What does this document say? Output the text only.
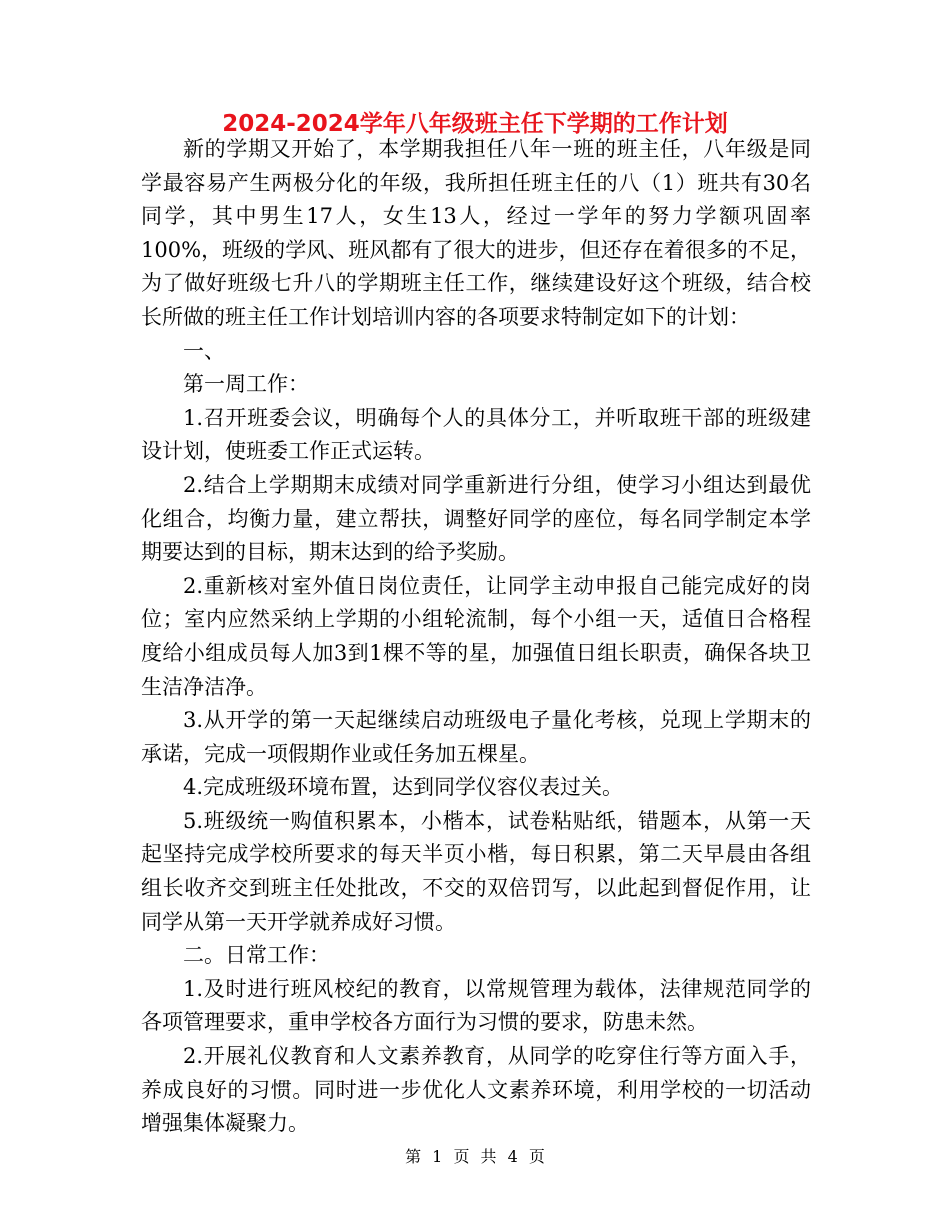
2024-2024学年八年级班主任下学期的工作计划

新的学期又开始了，本学期我担任八年一班的班主任，八年级是同学最容易产生两极分化的年级，我所担任班主任的八（1）班共有30名同学，其中男生17人，女生13人，经过一学年的努力学额巩固率100%，班级的学风、班风都有了很大的进步，但还存在着很多的不足，为了做好班级七升八的学期班主任工作，继续建设好这个班级，结合校长所做的班主任工作计划培训内容的各项要求特制定如下的计划：

一、

第一周工作：

1.召开班委会议，明确每个人的具体分工，并听取班干部的班级建设计划，使班委工作正式运转。

2.结合上学期期末成绩对同学重新进行分组，使学习小组达到最优化组合，均衡力量，建立帮扶，调整好同学的座位，每名同学制定本学期要达到的目标，期末达到的给予奖励。

2.重新核对室外值日岗位责任，让同学主动申报自己能完成好的岗位；室内应然采纳上学期的小组轮流制，每个小组一天，适值日合格程度给小组成员每人加3到1棵不等的星，加强值日组长职责，确保各块卫生洁净洁净。

3.从开学的第一天起继续启动班级电子量化考核，兑现上学期末的承诺，完成一项假期作业或任务加五棵星。

4.完成班级环境布置，达到同学仪容仪表过关。

5.班级统一购值积累本，小楷本，试卷粘贴纸，错题本，从第一天起坚持完成学校所要求的每天半页小楷，每日积累，第二天早晨由各组组长收齐交到班主任处批改，不交的双倍罚写，以此起到督促作用，让同学从第一天开学就养成好习惯。

二。日常工作：

1.及时进行班风校纪的教育，以常规管理为载体，法律规范同学的各项管理要求，重申学校各方面行为习惯的要求，防患未然。

2.开展礼仪教育和人文素养教育，从同学的吃穿住行等方面入手，养成良好的习惯。同时进一步优化人文素养环境，利用学校的一切活动增强集体凝聚力。

第 1 页 共 4 页
